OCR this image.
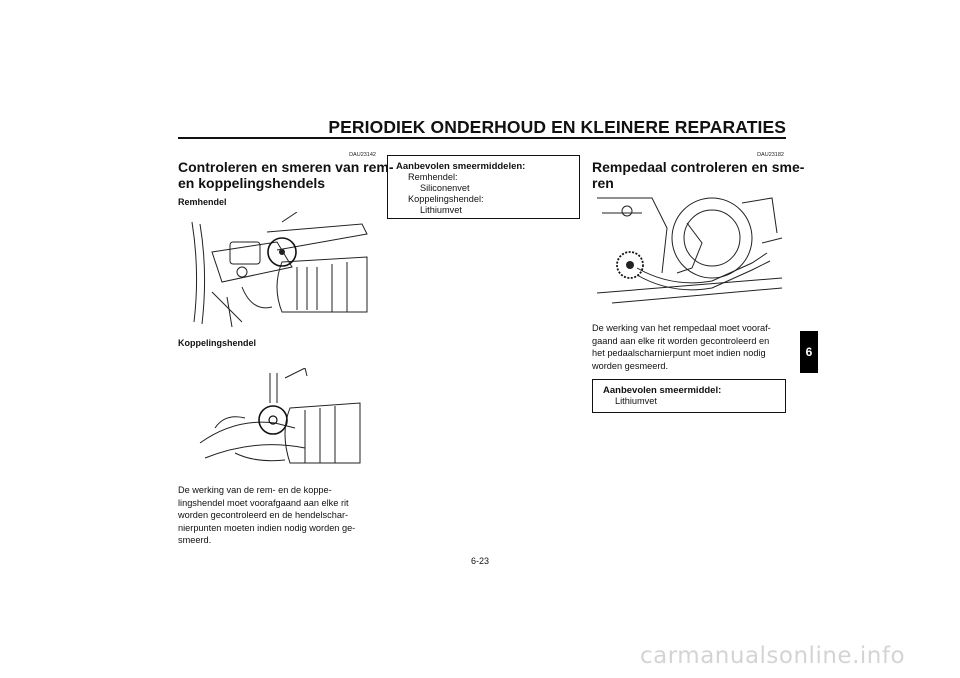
PERIODIEK ONDERHOUD EN KLEINERE REPARATIES
6
DAU23142
Controleren en smeren van rem-
en koppelingshendels
Remhendel
Koppelingshendel
De werking van de rem- en de koppe-
lingshendel moet voorafgaand aan elke rit
worden gecontroleerd en de hendelschar-
nierpunten moeten indien nodig worden ge-
smeerd.
Aanbevolen smeermiddelen:
Remhendel:
Siliconenvet
Koppelingshendel:
Lithiumvet
DAU23182
Rempedaal controleren en sme-
ren
De werking van het rempedaal moet vooraf-
gaand aan elke rit worden gecontroleerd en
het pedaalscharnierpunt moet indien nodig
worden gesmeerd.
Aanbevolen smeermiddel:
Lithiumvet
6-23
carmanualsonline.info
